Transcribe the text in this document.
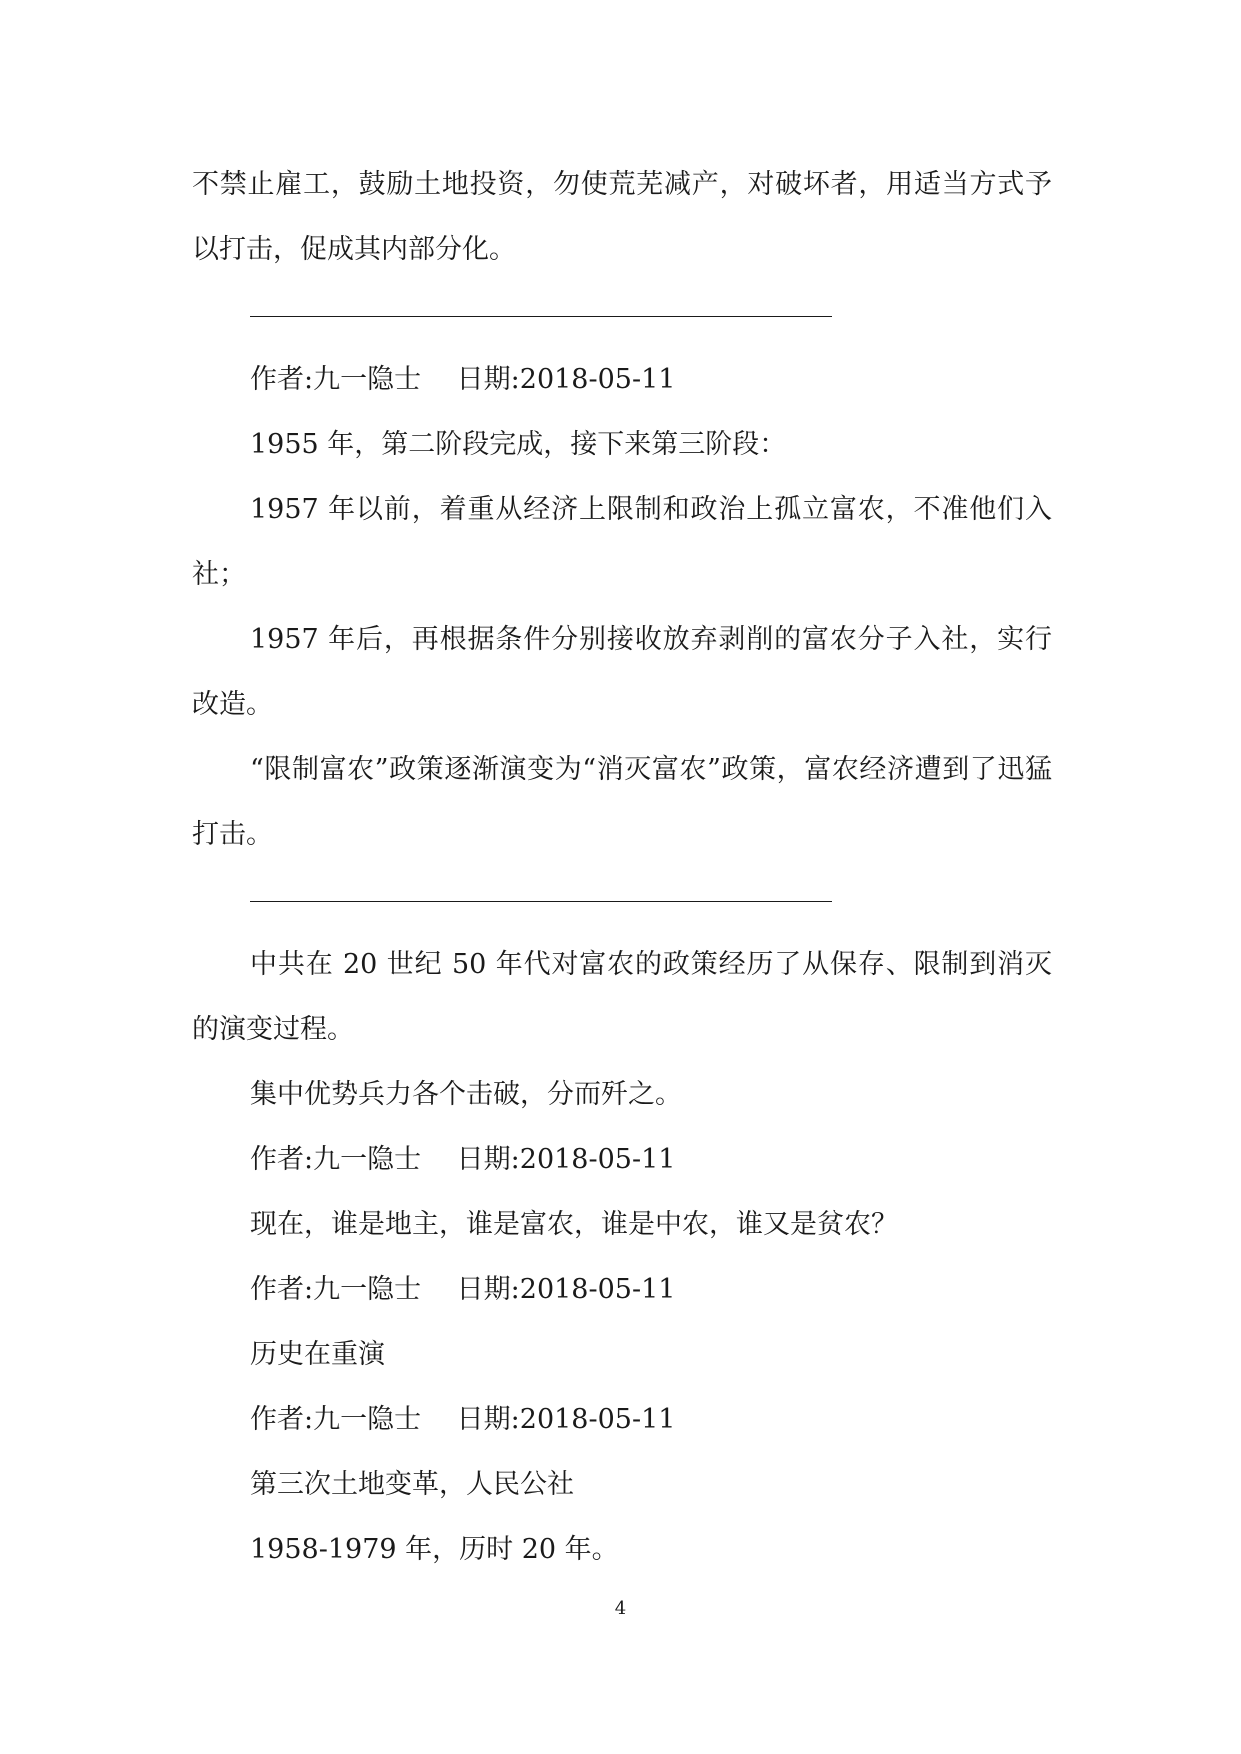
不禁止雇工，鼓励土地投资，勿使荒芜减产，对破坏者，用适当方式予以打击，促成其内部分化。

作者:九一隐士　 日期:2018-05-11

1955 年，第二阶段完成，接下来第三阶段：

1957 年以前，着重从经济上限制和政治上孤立富农，不准他们入社；

1957 年后，再根据条件分别接收放弃剥削的富农分子入社，实行改造。

“限制富农”政策逐渐演变为“消灭富农”政策，富农经济遭到了迅猛打击。

中共在 20 世纪 50 年代对富农的政策经历了从保存、限制到消灭的演变过程。

集中优势兵力各个击破，分而歼之。

作者:九一隐士　 日期:2018-05-11

现在，谁是地主，谁是富农，谁是中农，谁又是贫农？

作者:九一隐士　 日期:2018-05-11

历史在重演

作者:九一隐士　 日期:2018-05-11

第三次土地变革，人民公社

1958-1979 年，历时 20 年。

4
